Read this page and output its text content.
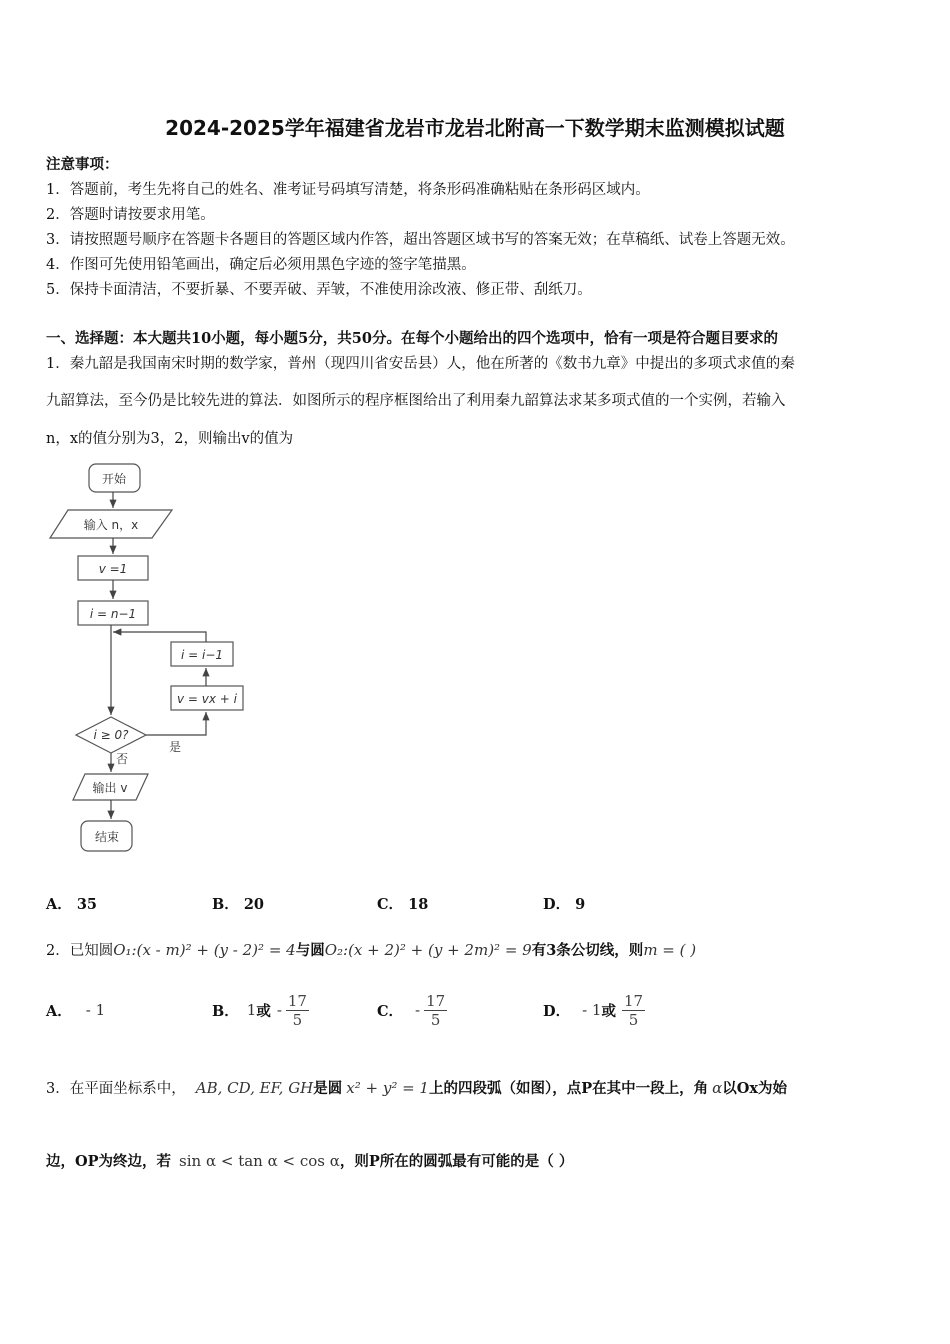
2024-2025学年福建省龙岩市龙岩北附高一下数学期末监测模拟试题
注意事项：
1．答题前，考生先将自己的姓名、准考证号码填写清楚，将条形码准确粘贴在条形码区域内。
2．答题时请按要求用笔。
3．请按照题号顺序在答题卡各题目的答题区域内作答，超出答题区域书写的答案无效；在草稿纸、试卷上答题无效。
4．作图可先使用铅笔画出，确定后必须用黑色字迹的签字笔描黑。
5．保持卡面清洁，不要折暴、不要弄破、弄皱，不准使用涂改液、修正带、刮纸刀。
一、选择题：本大题共10小题，每小题5分，共50分。在每个小题给出的四个选项中，恰有一项是符合题目要求的
1．秦九韶是我国南宋时期的数学家，普州（现四川省安岳县）人，他在所著的《数书九章》中提出的多项式求值的秦
九韶算法，至今仍是比较先进的算法．如图所示的程序框图给出了利用秦九韶算法求某多项式值的一个实例，若输入
n，x的值分别为3，2，则输出v的值为
开始
输入 n，x
v =1
i = n−1
i = i−1
v = vx + i
i ≥ 0?
是
否
输出 v
结束
A． 35	B． 20	C． 18	D． 9
2．已知圆O₁:(x - m)² + (y - 2)² = 4与圆O₂:(x + 2)² + (y + 2m)² = 9有3条公切线，则m = ( )
A． - 1	B． 1 或 - $\frac{17}{5}$	C． - $\frac{17}{5}$	D． - 1 或 $\frac{17}{5}$
3．在平面坐标系中， AB, CD, EF, GH是圆 x² + y² = 1上的四段弧（如图），点P在其中一段上，角 α以Ox为始
边，OP为终边，若 sin α < tan α < cos α，则P所在的圆弧最有可能的是（ ）
